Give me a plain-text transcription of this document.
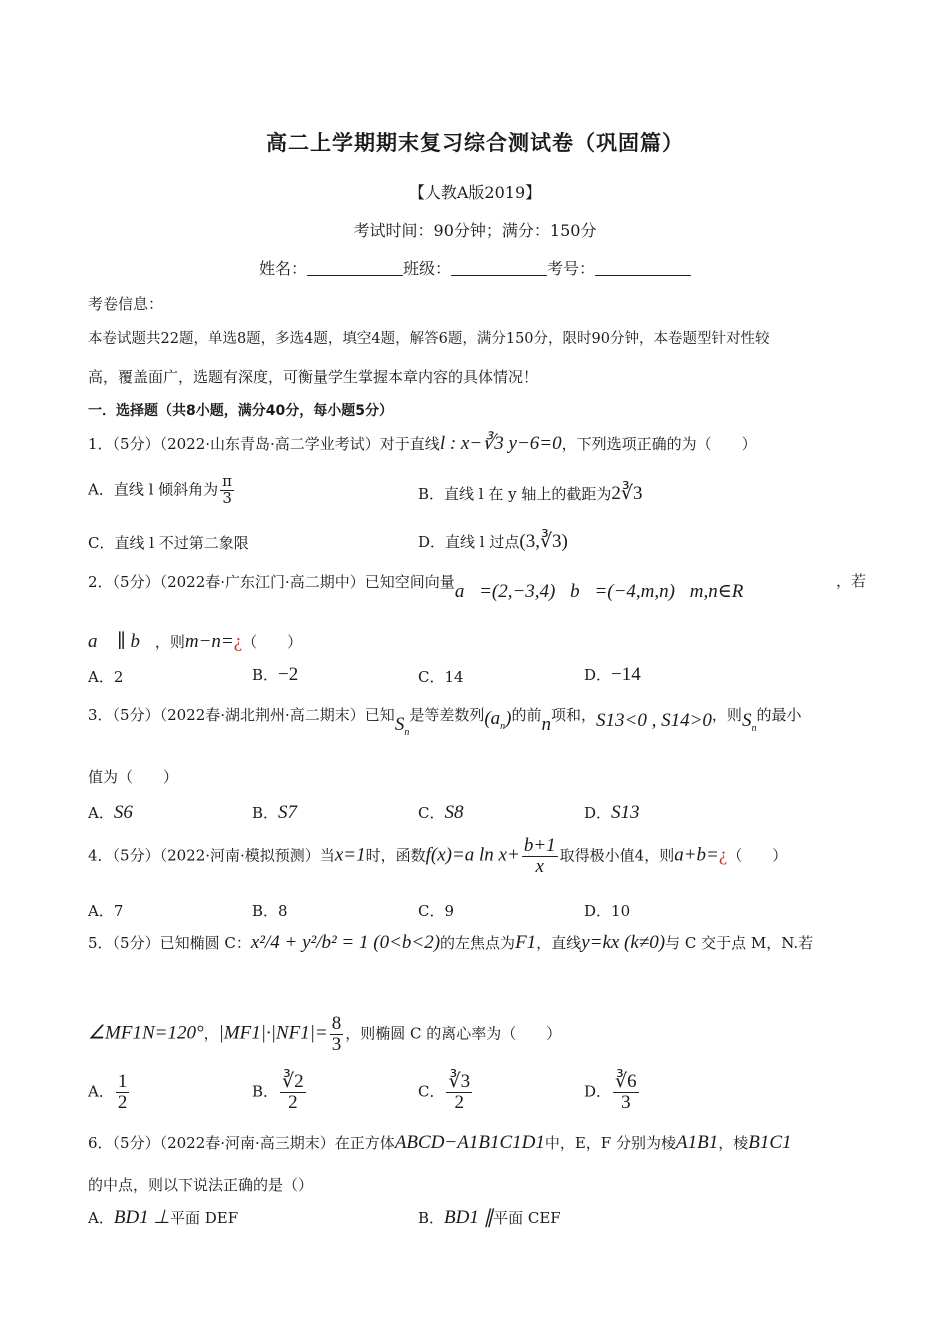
高二上学期期末复习综合测试卷（巩固篇）
【人教A版2019】
考试时间：90分钟；满分：150分
姓名：	班级：	考号：
考卷信息：
本卷试题共22题，单选8题，多选4题，填空4题，解答6题，满分150分，限时90分钟，本卷题型针对性较
高，覆盖面广，选题有深度，可衡量学生掌握本章内容的具体情况！
一．选择题（共8小题，满分40分，每小题5分）
1．（5分）（2022·山东青岛·高二学业考试）对于直线l : x−∛3 y−6=0，下列选项正确的为（　　）
A．直线 l 倾斜角为 $\frac{\pi}{3}$	B．直线 l 在 y 轴上的截距为2∛3
C．直线 l 不过第二象限	D．直线 l 过点(3,∛3)
2．（5分）（2022春·广东江门·高二期中）已知空间向量a⃗=(2,−3,4)，b⃗=(−4,m,n)，m,n∈R	，若
a⃗ ∥ b⃗，则m−n=¿（　　）
A．2	B．−2	C．14	D．−14
3．（5分）（2022春·湖北荆州·高二期末）已知$S_n$是等差数列$(a_n)$的前n项和，S13<0 , S14>0，则$S_n$的最小
值为（　　）
A．S6	B．S7	C．S8	D．S13
4．（5分）（2022·河南·模拟预测）当x=1时，函数f(x)=a $\ln x+ \frac{b+1}{x}$ 取得极小值4，则a+b=¿（　　）
A．7	B．8	C．9	D．10
5．（5分）已知椭圆 C：x²/4 + y²/b² = 1 (0<b<2)的左焦点为F1，直线y=kx (k≠0)与 C 交于点 M，N.若
∠MF1N=120°，$|MF1|\cdot|NF1|= \frac{8}{3}$ ，则椭圆 C 的离心率为（　　）
A． $\frac{1}{2}$	B． $\frac{∛2}{2}$	C． $\frac{∛3}{2}$	D． $\frac{∛6}{3}$
6．（5分）（2022春·河南·高三期末）在正方体ABCD−A1B1C1D1中，E，F 分别为棱A1B1，棱B1C1
的中点，则以下说法正确的是（）
A．BD1 ⊥平面 DEF	B．BD1 ∥平面 CEF
